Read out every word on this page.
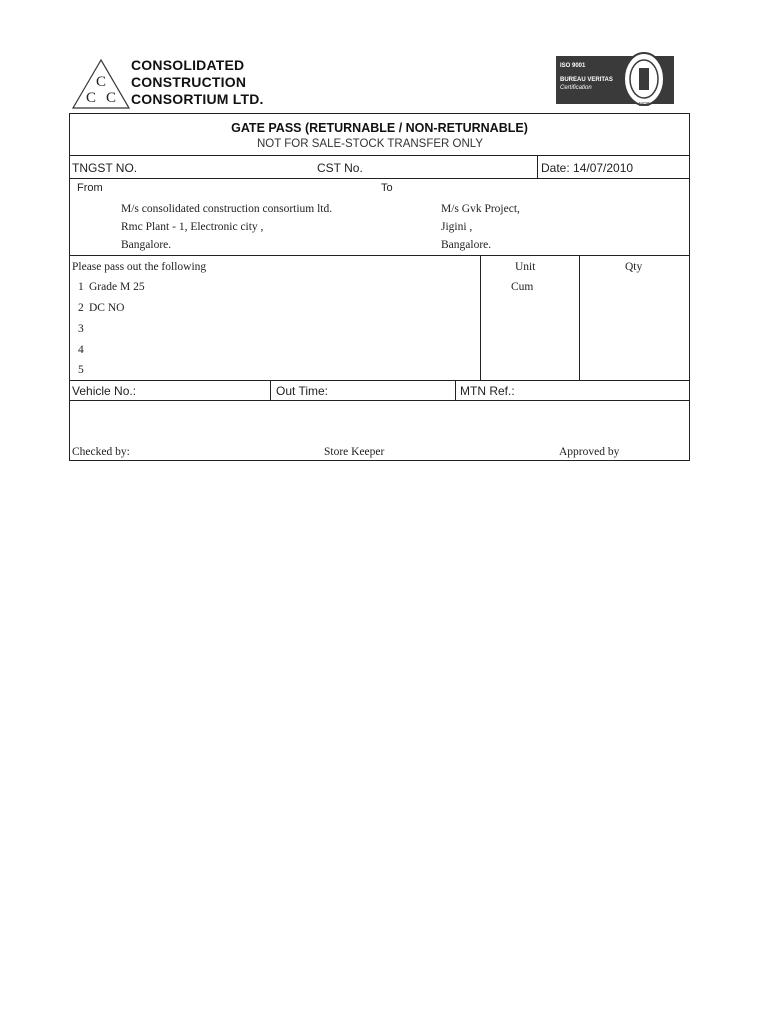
C
C C
CONSOLIDATED
CONSTRUCTION
CONSORTIUM LTD.
ISO 9001
BUREAU VERITAS
Certification
1828
GATE PASS (RETURNABLE / NON-RETURNABLE)
NOT FOR SALE-STOCK TRANSFER ONLY
TNGST NO.	CST No.	Date: 14/07/2010
From	To
M/s consolidated construction consortium ltd.
Rmc Plant - 1, Electronic city ,
Bangalore.
M/s Gvk Project,
Jigini ,
Bangalore.
Please pass out the following	Unit	Qty
1 Grade M 25	Cum
2 DC NO
3
4
5
Vehicle No.:	Out Time:	MTN Ref.:
Checked by:	Store Keeper	Approved by
